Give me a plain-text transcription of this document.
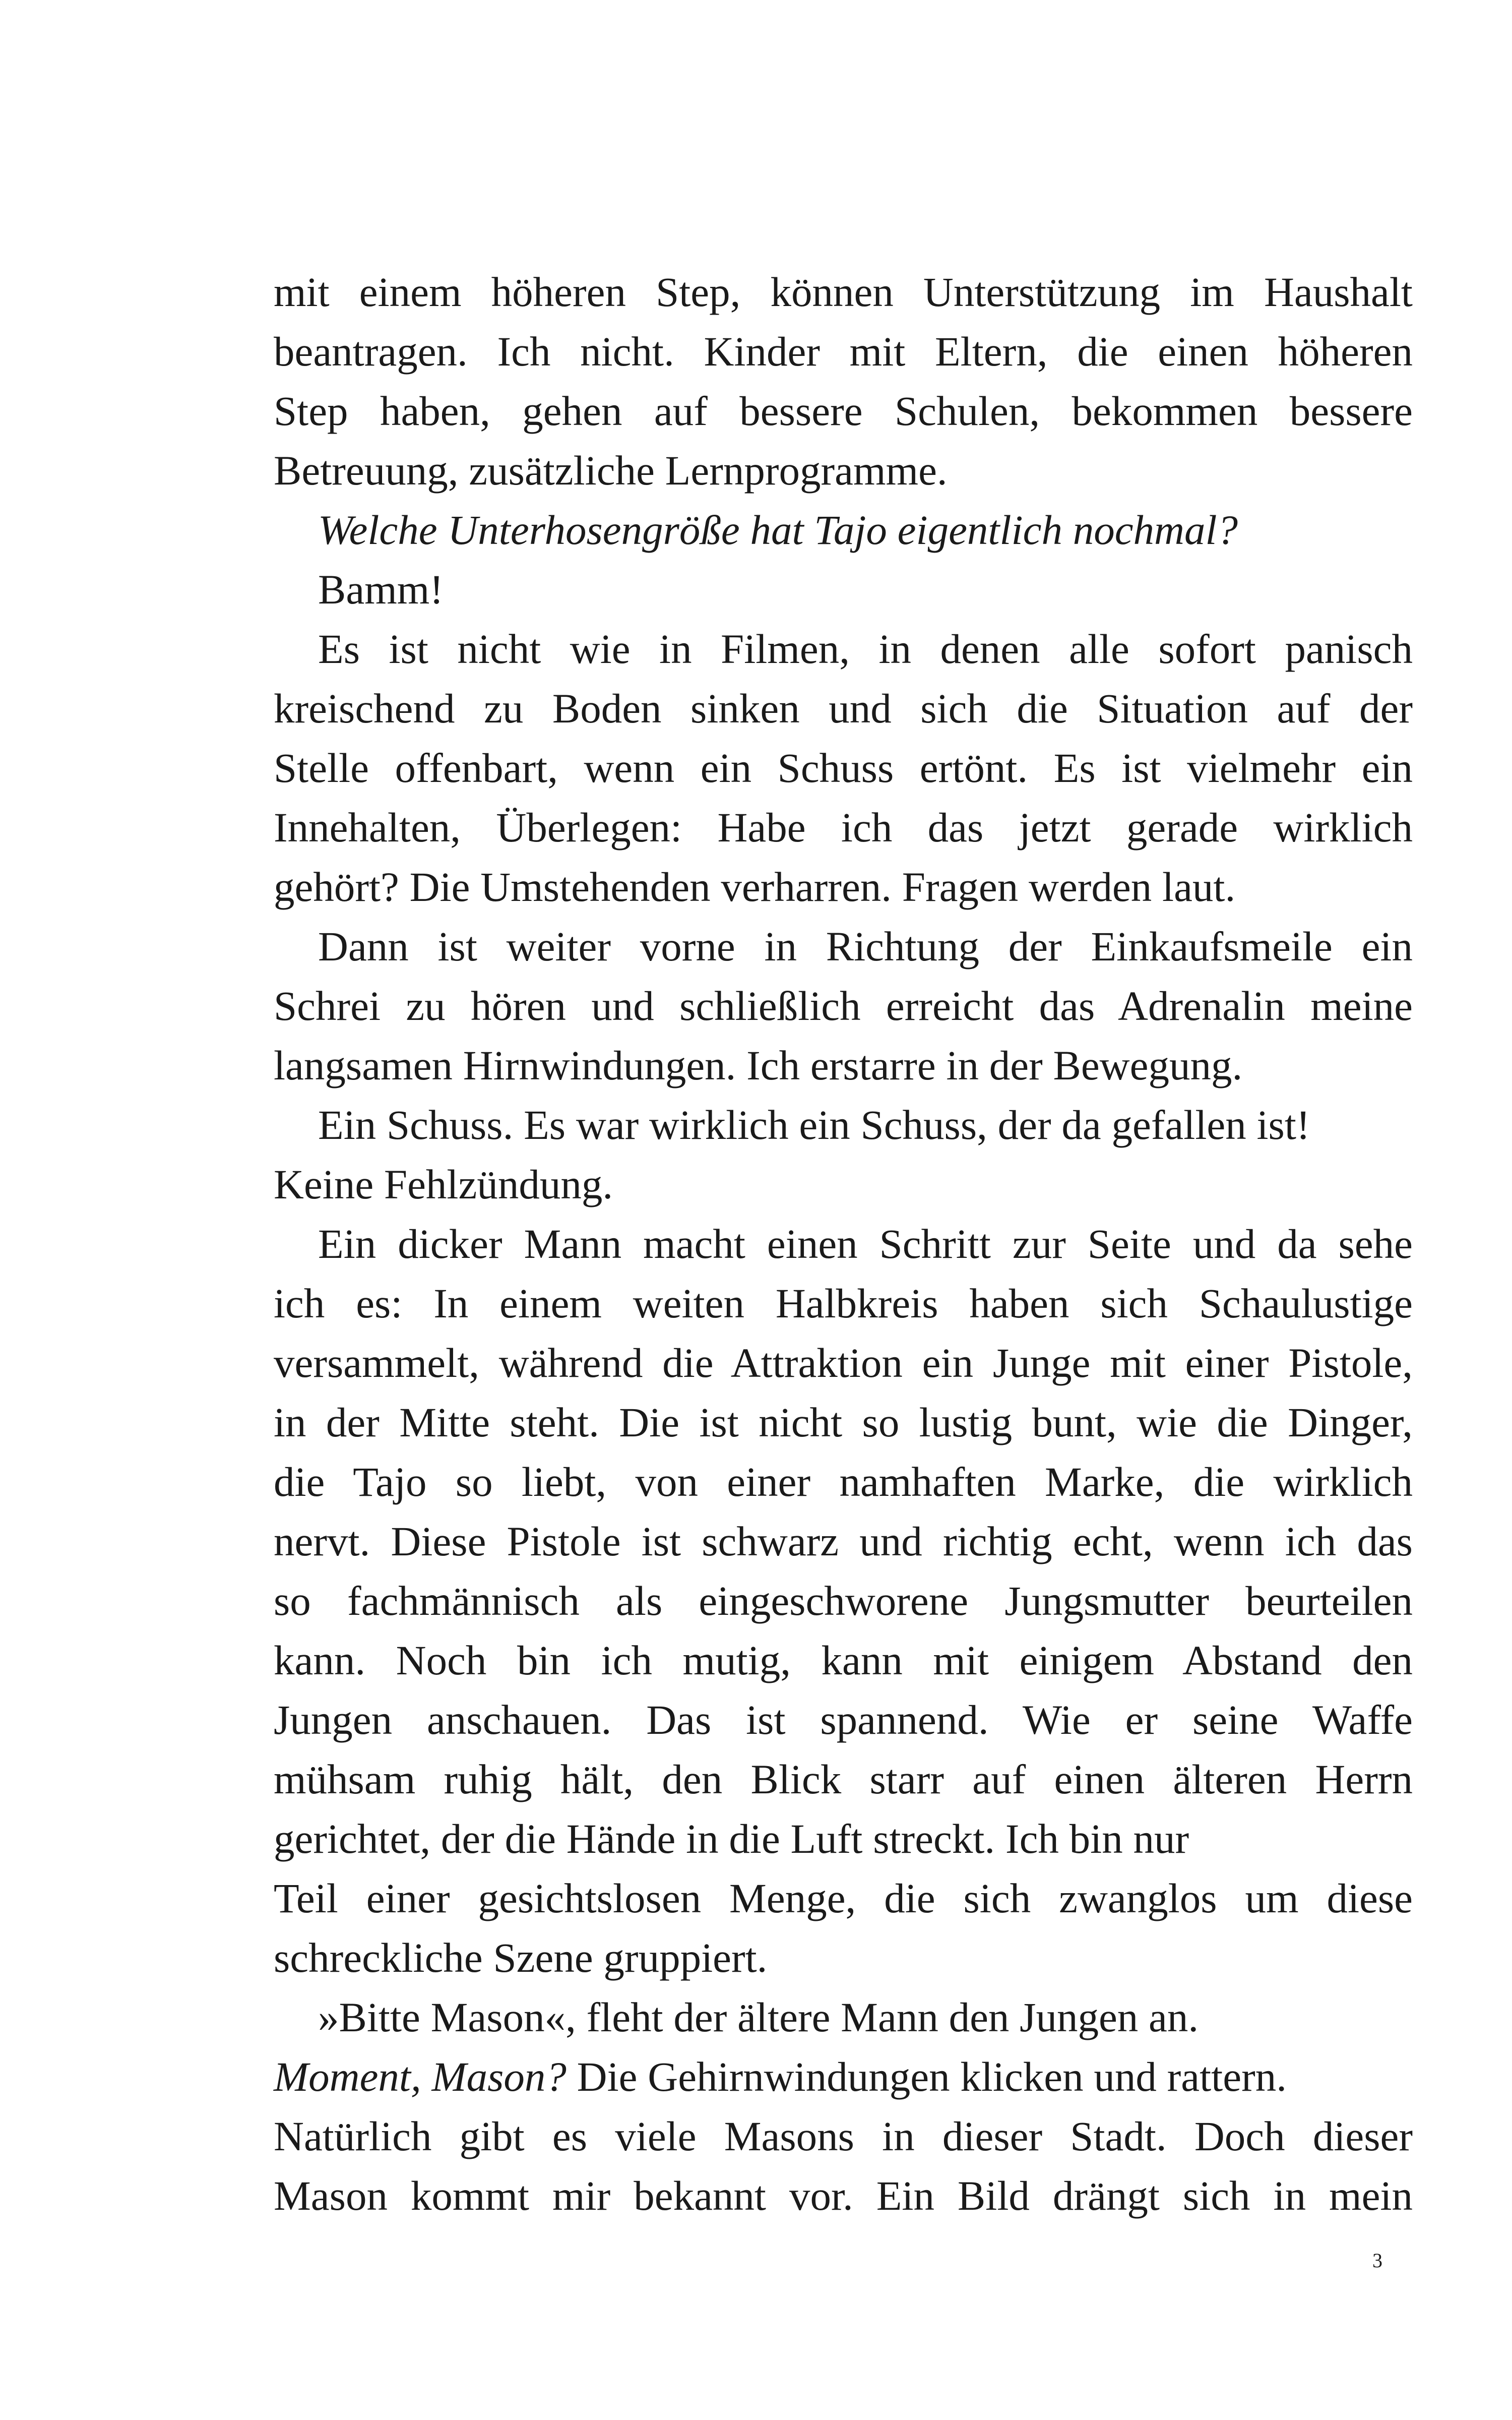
mit einem höheren Step, können Unterstützung im Haushalt
beantragen. Ich nicht. Kinder mit Eltern, die einen höheren
Step haben, gehen auf bessere Schulen, bekommen bessere
Betreuung, zusätzliche Lernprogramme.
Welche Unterhosengröße hat Tajo eigentlich nochmal?
Bamm!
Es ist nicht wie in Filmen, in denen alle sofort panisch
kreischend zu Boden sinken und sich die Situation auf der
Stelle offenbart, wenn ein Schuss ertönt. Es ist vielmehr ein
Innehalten, Überlegen: Habe ich das jetzt gerade wirklich
gehört? Die Umstehenden verharren. Fragen werden laut.
Dann ist weiter vorne in Richtung der Einkaufsmeile ein
Schrei zu hören und schließlich erreicht das Adrenalin meine
langsamen Hirnwindungen. Ich erstarre in der Bewegung.
Ein Schuss. Es war wirklich ein Schuss, der da gefallen ist!
Keine Fehlzündung.
Ein dicker Mann macht einen Schritt zur Seite und da sehe
ich es: In einem weiten Halbkreis haben sich Schaulustige
versammelt, während die Attraktion ein Junge mit einer Pistole,
in der Mitte steht. Die ist nicht so lustig bunt, wie die Dinger,
die Tajo so liebt, von einer namhaften Marke, die wirklich
nervt. Diese Pistole ist schwarz und richtig echt, wenn ich das
so fachmännisch als eingeschworene Jungsmutter beurteilen
kann. Noch bin ich mutig, kann mit einigem Abstand den
Jungen anschauen. Das ist spannend. Wie er seine Waffe
mühsam ruhig hält, den Blick starr auf einen älteren Herrn
gerichtet, der die Hände in die Luft streckt. Ich bin nur
Teil einer gesichtslosen Menge, die sich zwanglos um diese
schreckliche Szene gruppiert.
»Bitte Mason«, fleht der ältere Mann den Jungen an.
Moment, Mason? Die Gehirnwindungen klicken und rattern.
Natürlich gibt es viele Masons in dieser Stadt. Doch dieser
Mason kommt mir bekannt vor. Ein Bild drängt sich in mein
3
